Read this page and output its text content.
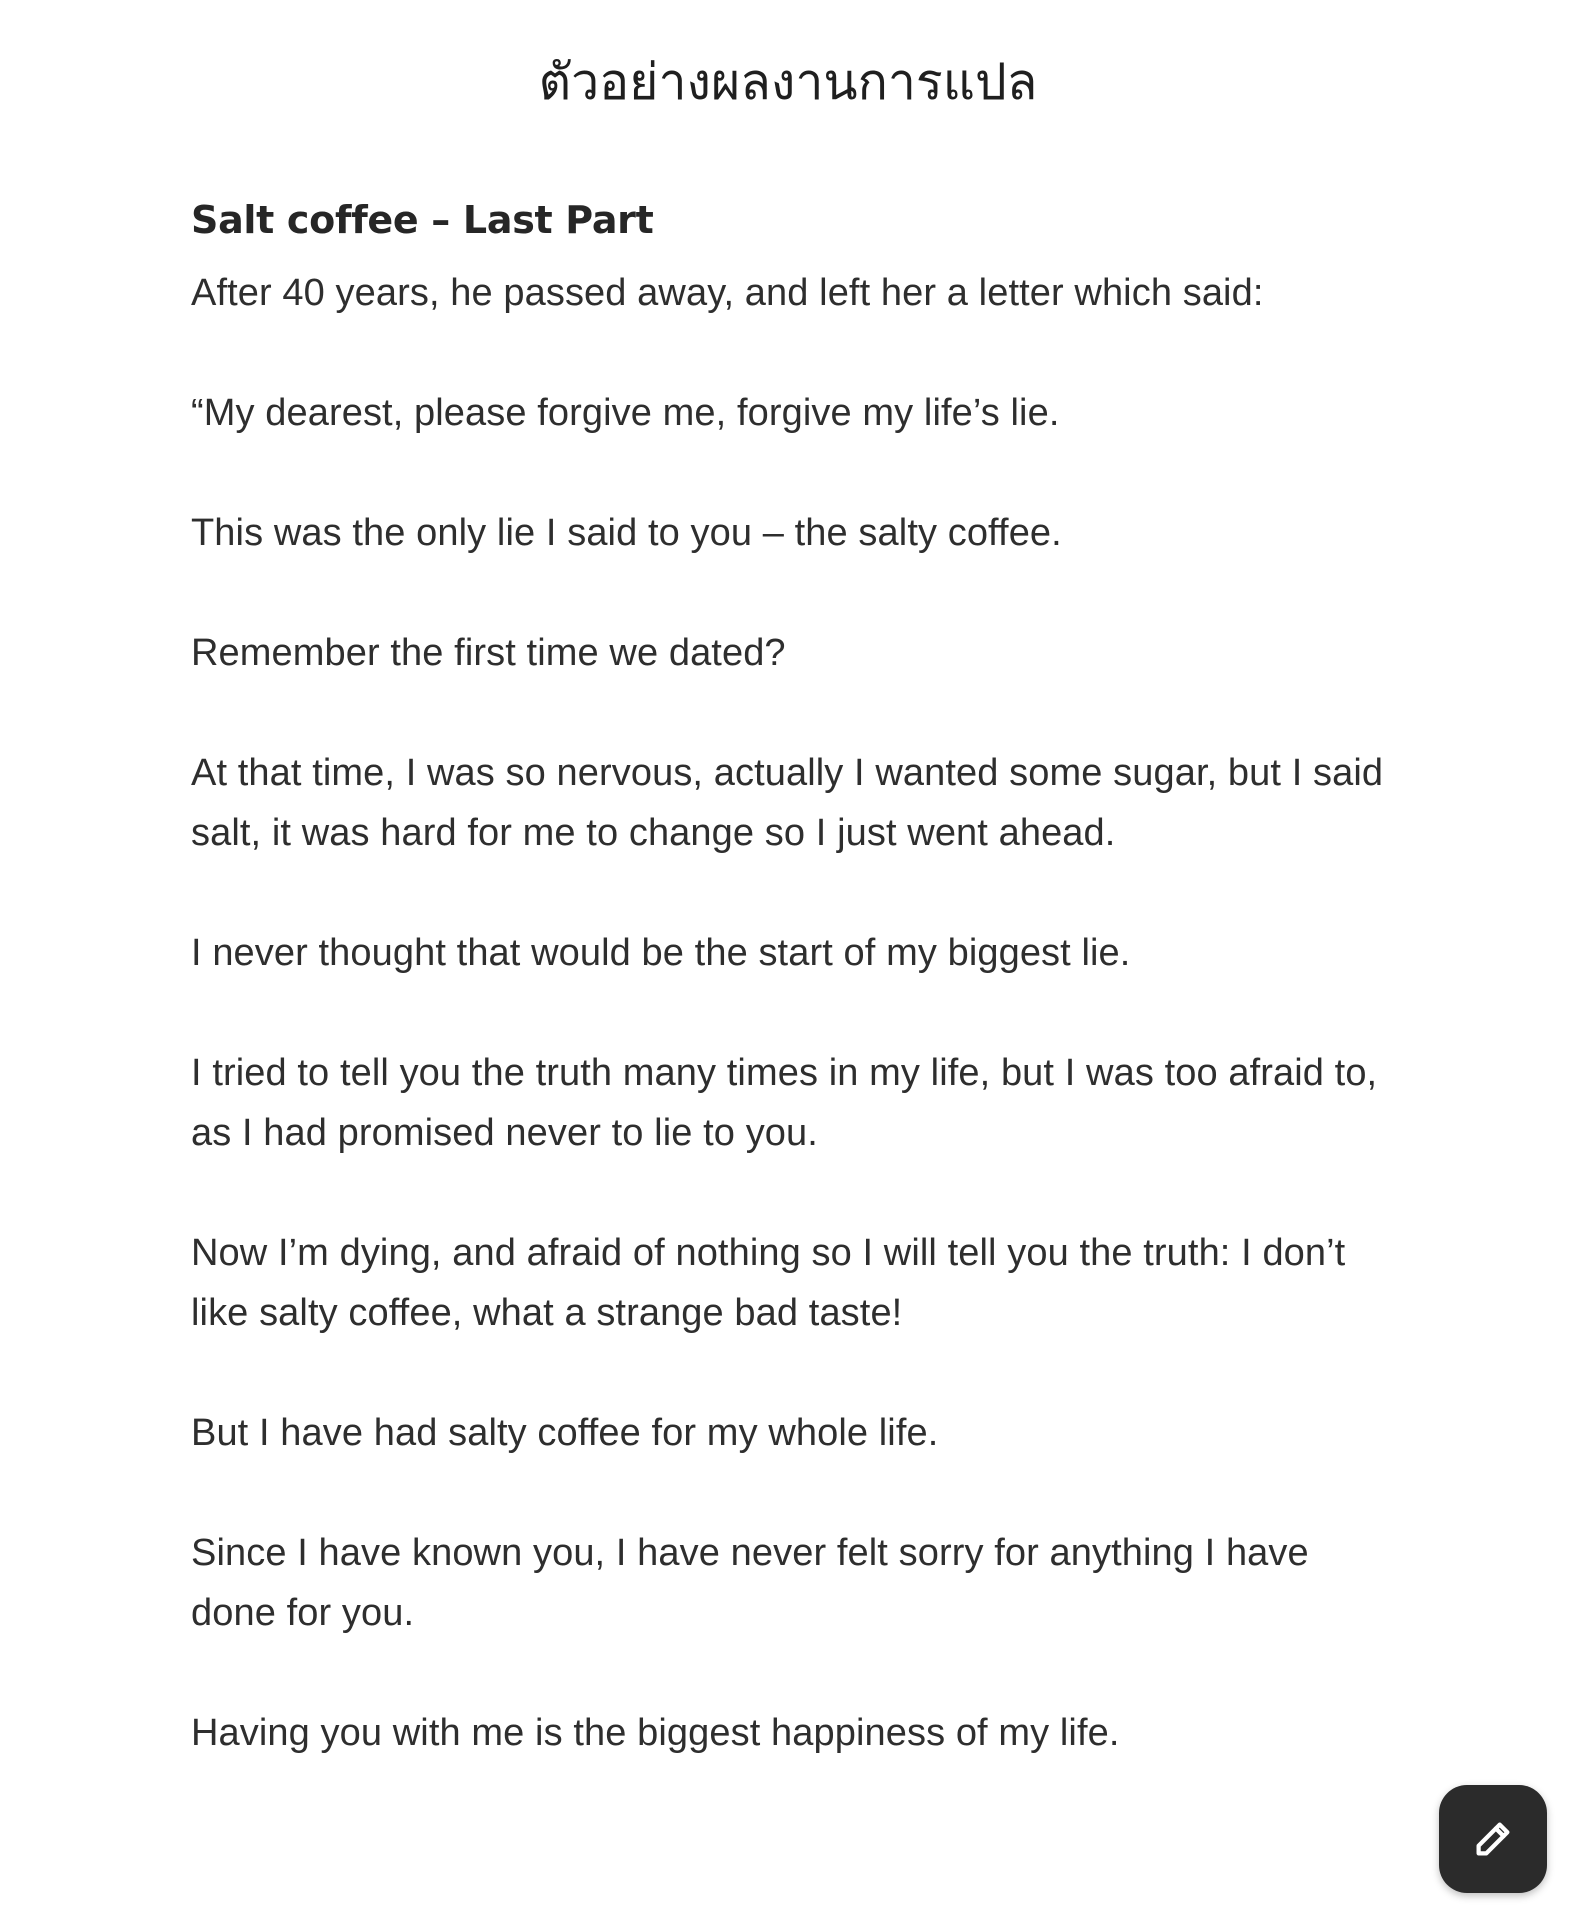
ตัวอย่างผลงานการแปล
Salt coffee – Last Part

After 40 years, he passed away, and left her a letter which said:

“My dearest, please forgive me, forgive my life’s lie.

This was the only lie I said to you – the salty coffee.

Remember the first time we dated?

At that time, I was so nervous, actually I wanted some sugar, but I said salt, it was hard for me to change so I just went ahead.

I never thought that would be the start of my biggest lie.

I tried to tell you the truth many times in my life, but I was too afraid to, as I had promised never to lie to you.

Now I’m dying, and afraid of nothing so I will tell you the truth: I don’t like salty coffee, what a strange bad taste!

But I have had salty coffee for my whole life.

Since I have known you, I have never felt sorry for anything I have done for you.

Having you with me is the biggest happiness of my life.
